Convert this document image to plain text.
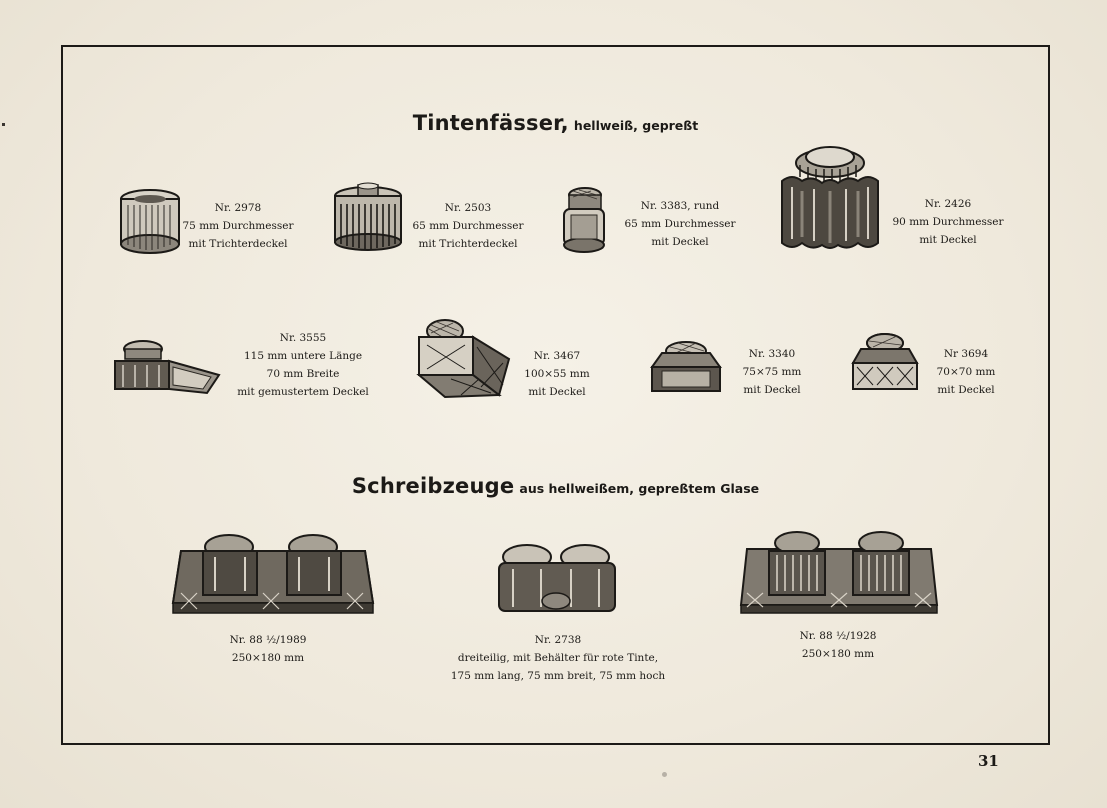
Tintenfässer, hellweiß, gepreßt
Nr. 2978
75 mm Durchmesser
mit Trichterdeckel
Nr. 2503
65 mm Durchmesser
mit Trichterdeckel
Nr. 3383, rund
65 mm Durchmesser
mit Deckel
Nr. 2426
90 mm Durchmesser
mit Deckel
Nr. 3555
115 mm untere Länge
70 mm Breite
mit gemustertem Deckel
Nr. 3467
100×55 mm
mit Deckel
Nr. 3340
75×75 mm
mit Deckel
Nr 3694
70×70 mm
mit Deckel
Schreibzeuge aus hellweißem, gepreßtem Glase
Nr. 88 ½/1989
250×180 mm
Nr. 2738
dreiteilig, mit Behälter für rote Tinte,
175 mm lang, 75 mm breit, 75 mm hoch
Nr. 88 ½/1928
250×180 mm
31
